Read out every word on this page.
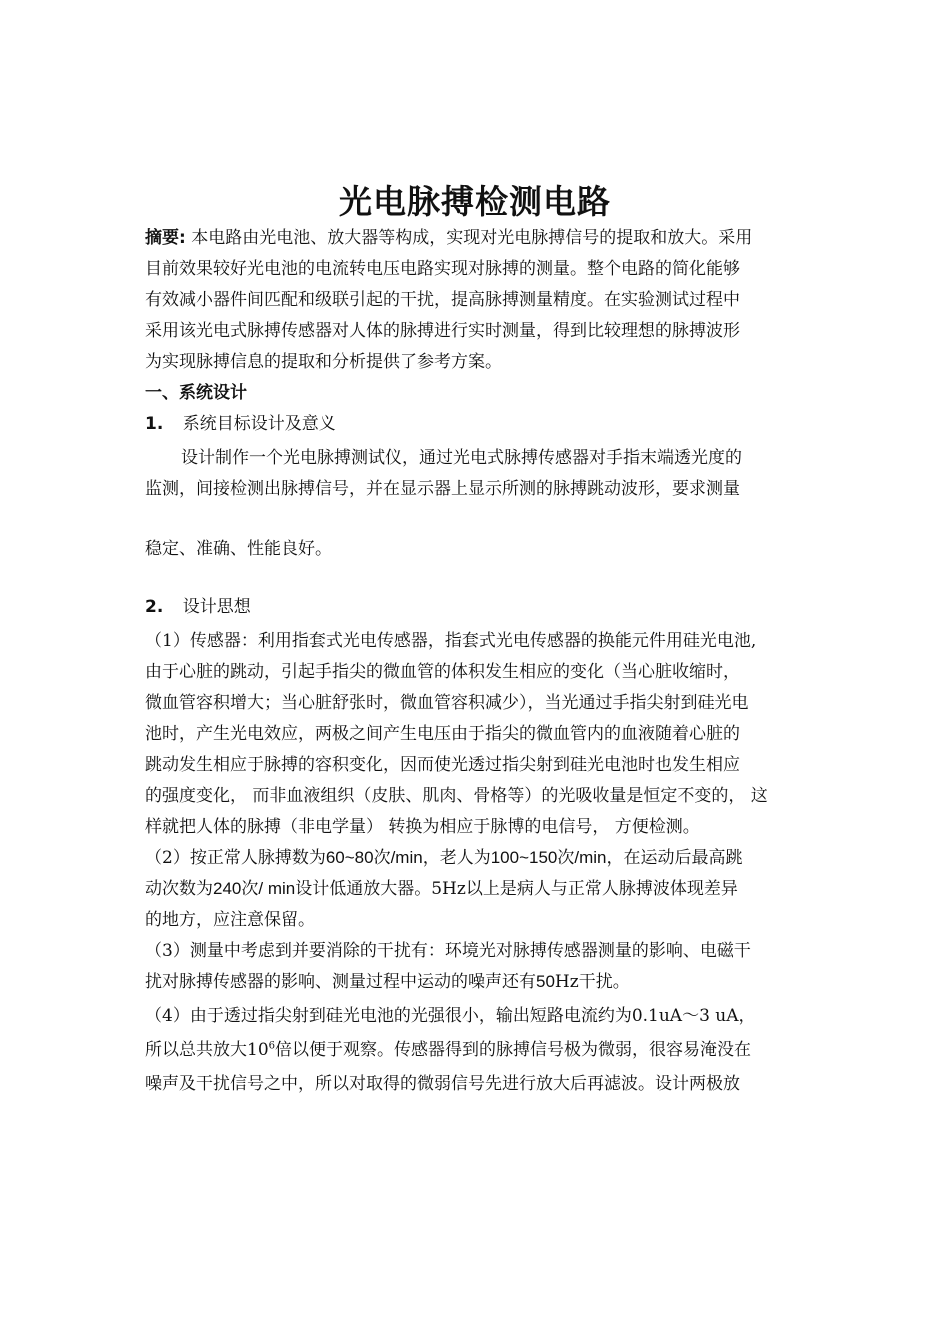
光电脉搏检测电路
摘要: 本电路由光电池、放大器等构成，实现对光电脉搏信号的提取和放大。采用
目前效果较好光电池的电流转电压电路实现对脉搏的测量。整个电路的简化能够
有效减小器件间匹配和级联引起的干扰，提高脉搏测量精度。在实验测试过程中
采用该光电式脉搏传感器对人体的脉搏进行实时测量，得到比较理想的脉搏波形
为实现脉搏信息的提取和分析提供了参考方案。
一、系统设计
1. 系统目标设计及意义
设计制作一个光电脉搏测试仪，通过光电式脉搏传感器对手指末端透光度的
监测，间接检测出脉搏信号，并在显示器上显示所测的脉搏跳动波形，要求测量
稳定、准确、性能良好。
2. 设计思想
（1）传感器：利用指套式光电传感器，指套式光电传感器的换能元件用硅光电池,
由于心脏的跳动，引起手指尖的微血管的体积发生相应的变化（当心脏收缩时，
微血管容积增大；当心脏舒张时，微血管容积减少），当光通过手指尖射到硅光电
池时，产生光电效应，两极之间产生电压由于指尖的微血管内的血液随着心脏的
跳动发生相应于脉搏的容积变化，因而使光透过指尖射到硅光电池时也发生相应
的强度变化， 而非血液组织（皮肤、肌肉、骨格等）的光吸收量是恒定不变的， 这
样就把人体的脉搏（非电学量） 转换为相应于脉博的电信号， 方便检测。
（2）按正常人脉搏数为60~80次/min，老人为100~150次/min，在运动后最高跳
动次数为240次/ min设计低通放大器。5Hz以上是病人与正常人脉搏波体现差异
的地方，应注意保留。
（3）测量中考虑到并要消除的干扰有：环境光对脉搏传感器测量的影响、电磁干
扰对脉搏传感器的影响、测量过程中运动的噪声还有50Hz干扰。
（4）由于透过指尖射到硅光电池的光强很小，输出短路电流约为0.1uA～3 uA，
所以总共放大$10^6$倍以便于观察。传感器得到的脉搏信号极为微弱，很容易淹没在
噪声及干扰信号之中，所以对取得的微弱信号先进行放大后再滤波。设计两极放
